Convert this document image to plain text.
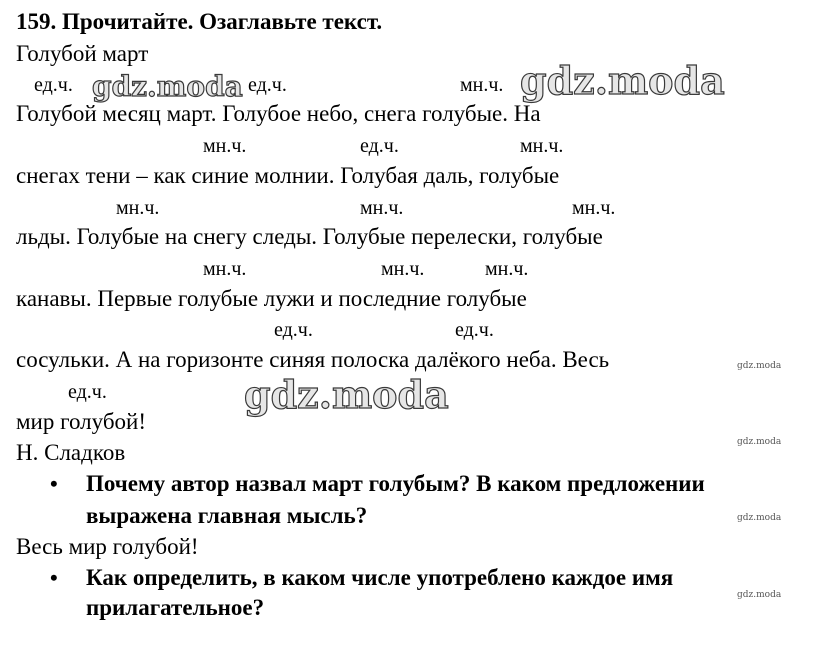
159. Прочитайте. Озаглавьте текст.
Голубой март
ед.ч.	ед.ч.	мн.ч.
Голубой месяц март. Голубое небо, снега голубые. На
мн.ч.	ед.ч.	мн.ч.
снегах тени – как синие молнии. Голубая даль, голубые
мн.ч.	мн.ч.	мн.ч.
льды. Голубые на снегу следы. Голубые перелески, голубые
мн.ч.	мн.ч.	мн.ч.
канавы. Первые голубые лужи и последние голубые
ед.ч.	ед.ч.
сосульки. А на горизонте синяя полоска далёкого неба. Весь
ед.ч.
мир голубой!
Н. Сладков
• Почему автор назвал март голубым? В каком предложении
выражена главная мысль?
Весь мир голубой!
• Как определить, в каком числе употреблено каждое имя
прилагательное?
gdz.moda	gdz.moda
gdz.moda
gdz.moda
gdz.moda
gdz.moda
gdz.moda
